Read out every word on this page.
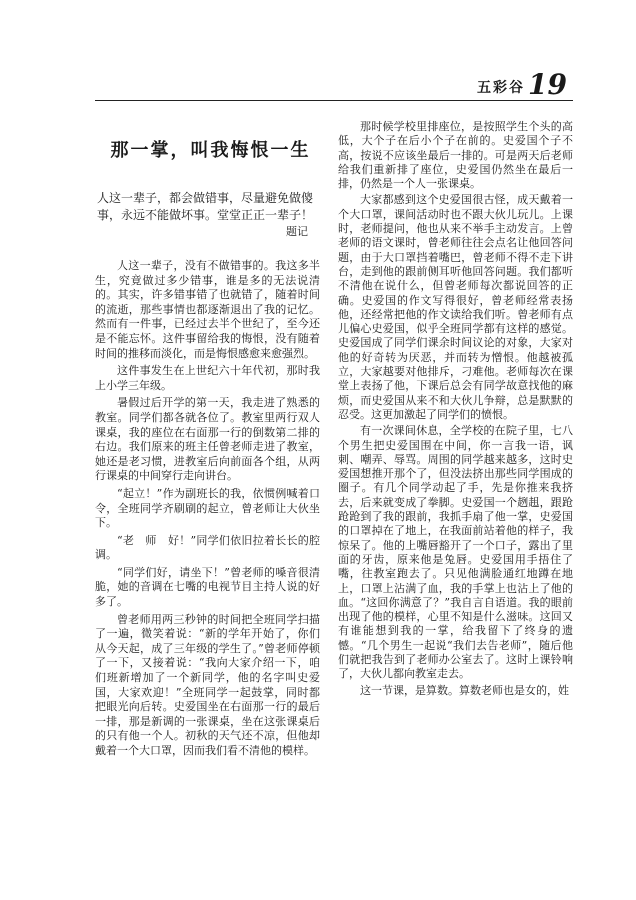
五彩谷 19
那一掌，叫我悔恨一生

人这一辈子，都会做错事，尽量避免做傻事，永远不能做坏事。堂堂正正一辈子！

题记

人这一辈子，没有不做错事的。我这多半生，究竟做过多少错事，谁是多的无法说清的。其实，许多错事错了也就错了，随着时间的流逝，那些事情也都逐渐退出了我的记忆。然而有一件事，已经过去半个世纪了，至今还是不能忘怀。这件事留给我的悔恨，没有随着时间的推移而淡化，而是悔恨感愈来愈强烈。

这件事发生在上世纪六十年代初，那时我上小学三年级。

暑假过后开学的第一天，我走进了熟悉的教室。同学们都各就各位了。教室里两行双人课桌，我的座位在右面那一行的倒数第二排的右边。我们原来的班主任曾老师走进了教室，她还是老习惯，进教室后向前面各个组，从两行课桌的中间穿行走向讲台。

“起立！”作为副班长的我，依惯例喊着口令，全班同学齐刷刷的起立，曾老师让大伙坐下。

“老　师　好！”同学们依旧拉着长长的腔调。

“同学们好，请坐下！”曾老师的嗓音很清脆，她的音调在七嘴的电视节目主持人说的好多了。

曾老师用两三秒钟的时间把全班同学扫描了一遍，微笑着说：“新的学年开始了，你们从今天起，成了三年级的学生了。”曾老师停顿了一下，又接着说：“我向大家介绍一下，咱们班新增加了一个新同学，他的名字叫史爱国，大家欢迎！”全班同学一起鼓掌，同时都把眼光向后转。史爱国坐在右面那一行的最后一排，那是新调的一张课桌，坐在这张课桌后的只有他一个人。初秋的天气还不凉，但他却戴着一个大口罩，因而我们看不清他的模样。

那时候学校里排座位，是按照学生个头的高低，大个子在后小个子在前的。史爱国个子不高，按说不应该坐最后一排的。可是两天后老师给我们重新排了座位，史爱国仍然坐在最后一排，仍然是一个人一张课桌。

大家都感到这个史爱国很古怪，成天戴着一个大口罩，课间活动时也不跟大伙儿玩儿。上课时，老师提问，他也从来不举手主动发言。上曾老师的语文课时，曾老师往往会点名让他回答问题，由于大口罩挡着嘴巴，曾老师不得不走下讲台，走到他的跟前侧耳听他回答问题。我们都听不清他在说什么，但曾老师每次都说回答的正确。史爱国的作文写得很好，曾老师经常表扬他，还经常把他的作文读给我们听。曾老师有点儿偏心史爱国，似乎全班同学都有这样的感觉。史爱国成了同学们课余时间议论的对象，大家对他的好奇转为厌恶，并而转为憎恨。他越被孤立，大家越要对他排斥，刁难他。老师每次在课堂上表扬了他，下课后总会有同学故意找他的麻烦，而史爱国从来不和大伙儿争辩，总是默默的忍受。这更加激起了同学们的愤恨。

有一次课间休息，全学校的在院子里，七八个男生把史爱国围在中间，你一言我一语，讽刺、嘲弄、辱骂。周围的同学越来越多，这时史爱国想推开那个了，但没法挤出那些同学围成的圈子。有几个同学动起了手，先是你推来我挤去，后来就变成了拳脚。史爱国一个趔趄，跟跄跄跄到了我的跟前，我抓手扇了他一掌，史爱国的口罩掉在了地上，在我面前站着他的样子，我惊呆了。他的上嘴唇豁开了一个口子，露出了里面的牙齿，原来他是兔唇。史爱国用手捂住了嘴，往教室跑去了。只见他满脸通红地蹲在地上，口罩上沾满了血，我的手掌上也沾上了他的血。“这回你满意了？”我自言自语道。我的眼前出现了他的模样，心里不知是什么滋味。这回又有谁能想到我的一掌，给我留下了终身的遗憾。“几个男生一起说“我们去告老师”，随后他们就把我告到了老师办公室去了。这时上课铃响了，大伙儿都向教室走去。

这一节课，是算数。算数老师也是女的，姓
